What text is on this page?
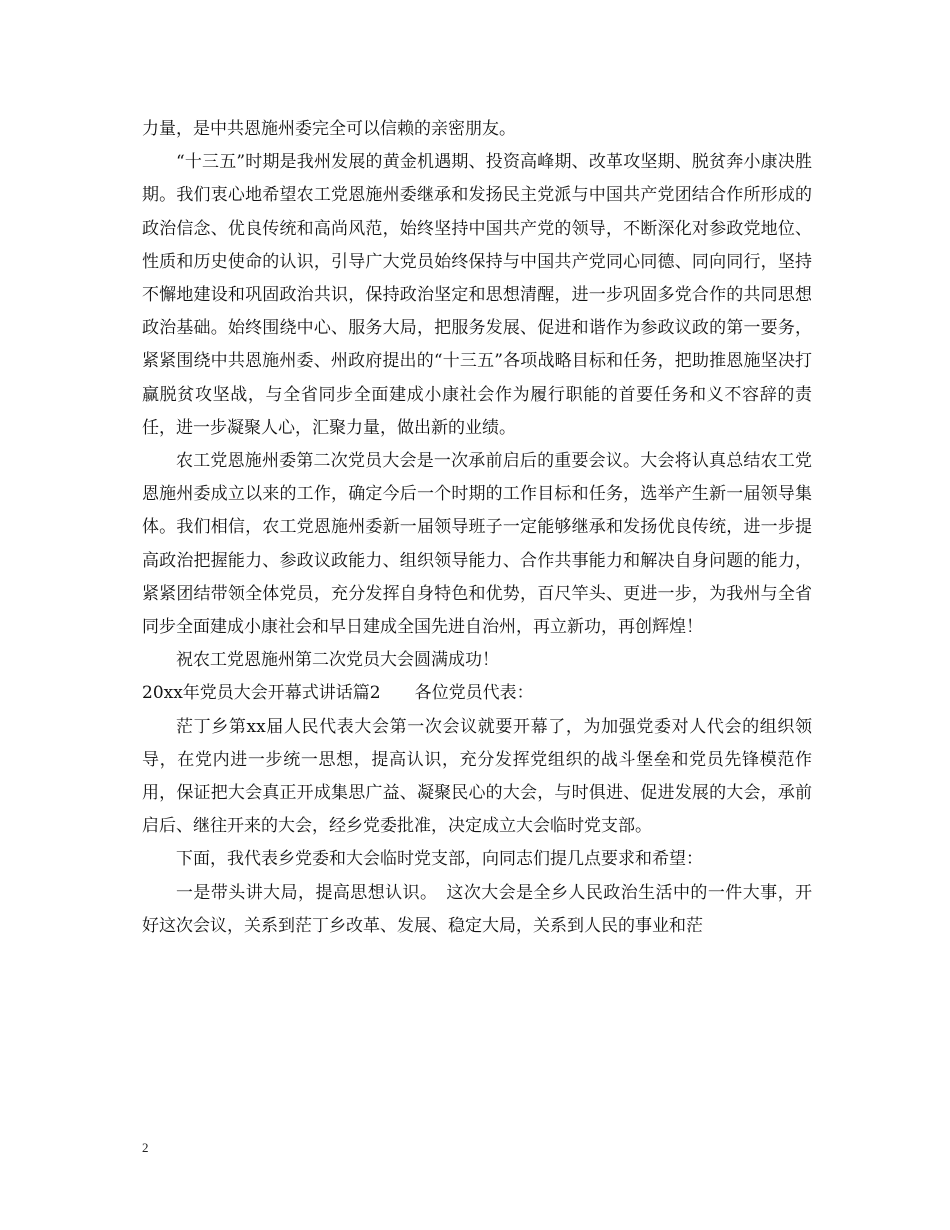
力量，是中共恩施州委完全可以信赖的亲密朋友。

“十三五”时期是我州发展的黄金机遇期、投资高峰期、改革攻坚期、脱贫奔小康决胜期。我们衷心地希望农工党恩施州委继承和发扬民主党派与中国共产党团结合作所形成的政治信念、优良传统和高尚风范，始终坚持中国共产党的领导，不断深化对参政党地位、性质和历史使命的认识，引导广大党员始终保持与中国共产党同心同德、同向同行，坚持不懈地建设和巩固政治共识，保持政治坚定和思想清醒，进一步巩固多党合作的共同思想政治基础。始终围绕中心、服务大局，把服务发展、促进和谐作为参政议政的第一要务，紧紧围绕中共恩施州委、州政府提出的“十三五”各项战略目标和任务，把助推恩施坚决打赢脱贫攻坚战，与全省同步全面建成小康社会作为履行职能的首要任务和义不容辞的责任，进一步凝聚人心，汇聚力量，做出新的业绩。

农工党恩施州委第二次党员大会是一次承前启后的重要会议。大会将认真总结农工党恩施州委成立以来的工作，确定今后一个时期的工作目标和任务，选举产生新一届领导集体。我们相信，农工党恩施州委新一届领导班子一定能够继承和发扬优良传统，进一步提高政治把握能力、参政议政能力、组织领导能力、合作共事能力和解决自身问题的能力，紧紧团结带领全体党员，充分发挥自身特色和优势，百尺竿头、更进一步，为我州与全省同步全面建成小康社会和早日建成全国先进自治州，再立新功，再创辉煌！

祝农工党恩施州第二次党员大会圆满成功！

20xx年党员大会开幕式讲话篇2　　各位党员代表：

茫丁乡第xx届人民代表大会第一次会议就要开幕了，为加强党委对人代会的组织领导，在党内进一步统一思想，提高认识，充分发挥党组织的战斗堡垒和党员先锋模范作用，保证把大会真正开成集思广益、凝聚民心的大会，与时俱进、促进发展的大会，承前启后、继往开来的大会，经乡党委批准，决定成立大会临时党支部。

下面，我代表乡党委和大会临时党支部，向同志们提几点要求和希望：

一是带头讲大局，提高思想认识。　这次大会是全乡人民政治生活中的一件大事，开好这次会议，关系到茫丁乡改革、发展、稳定大局，关系到人民的事业和茫

2
